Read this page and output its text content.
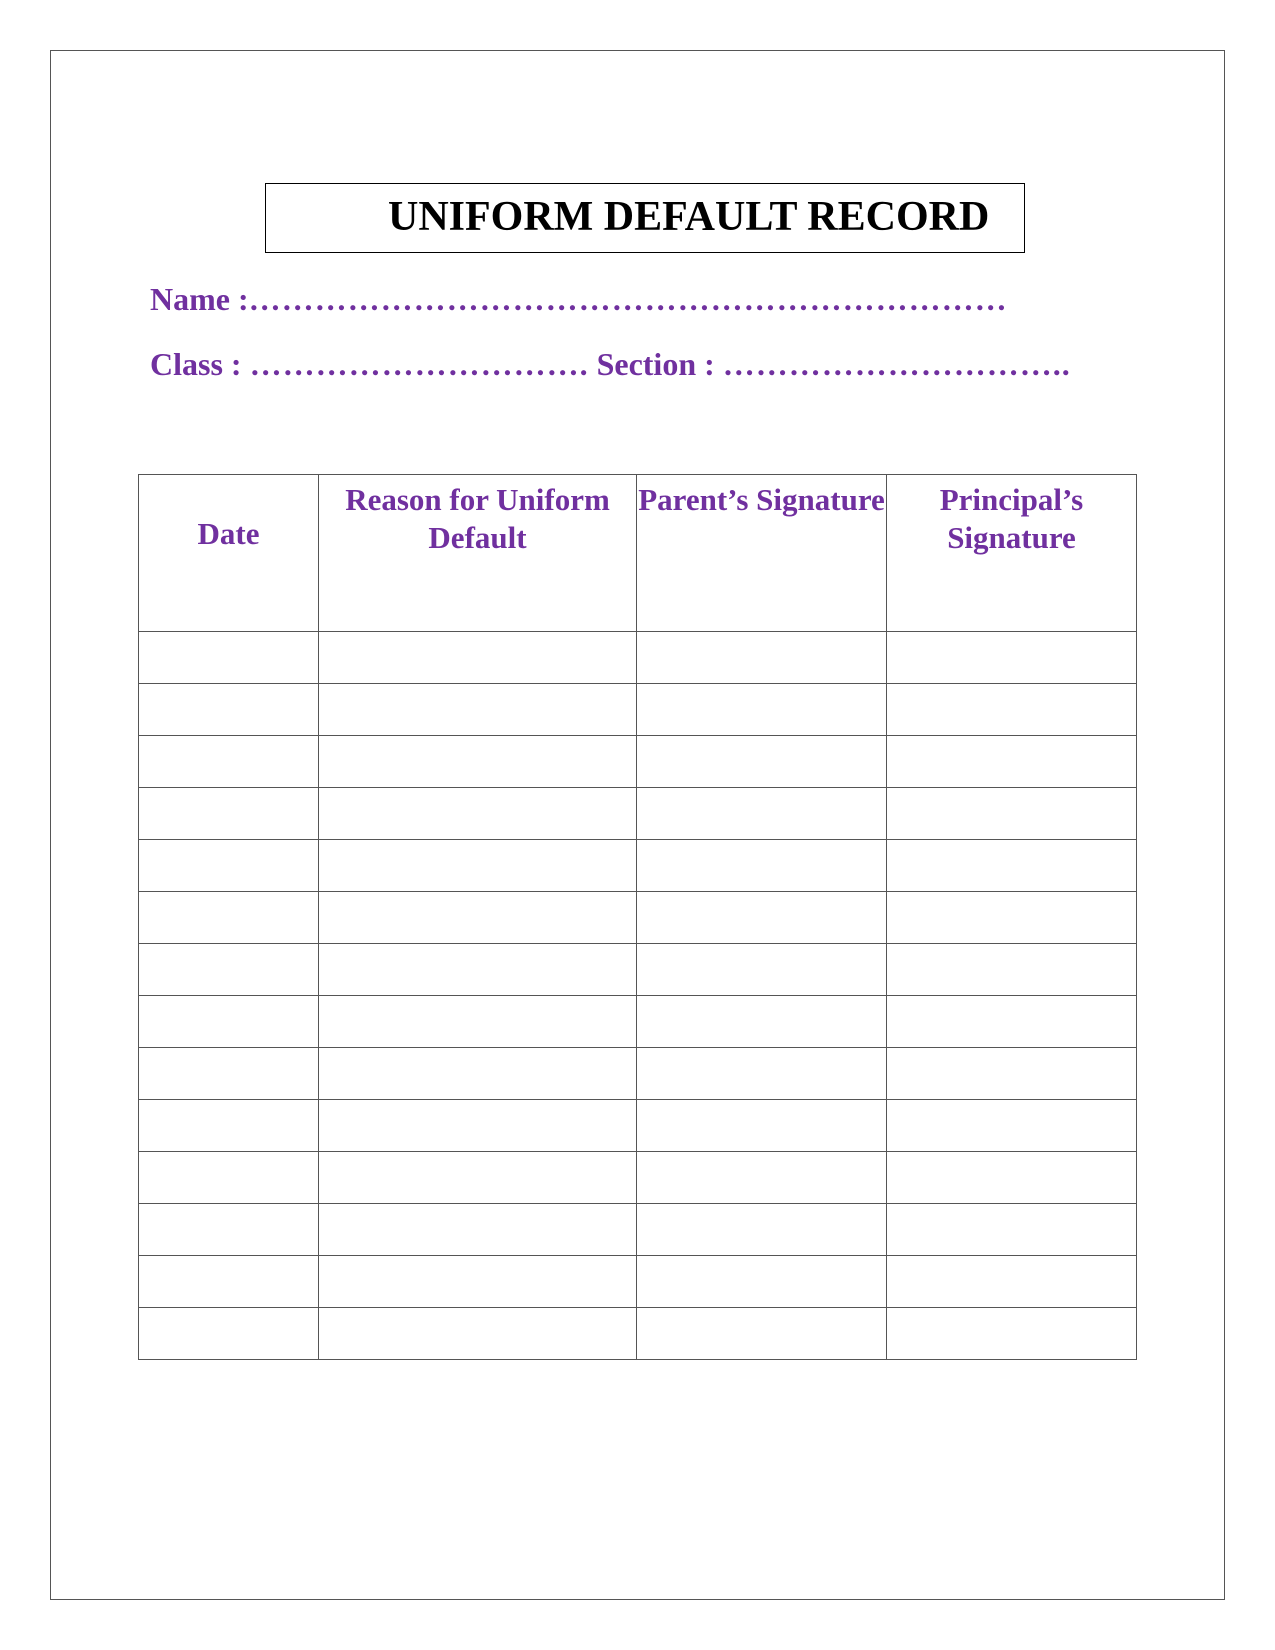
UNIFORM DEFAULT RECORD
Name :……………………………………………………………
Class : …………………………. Section : …………………………..
Date	Reason for Uniform Default	Parent’s Signature	Principal’s Signature
